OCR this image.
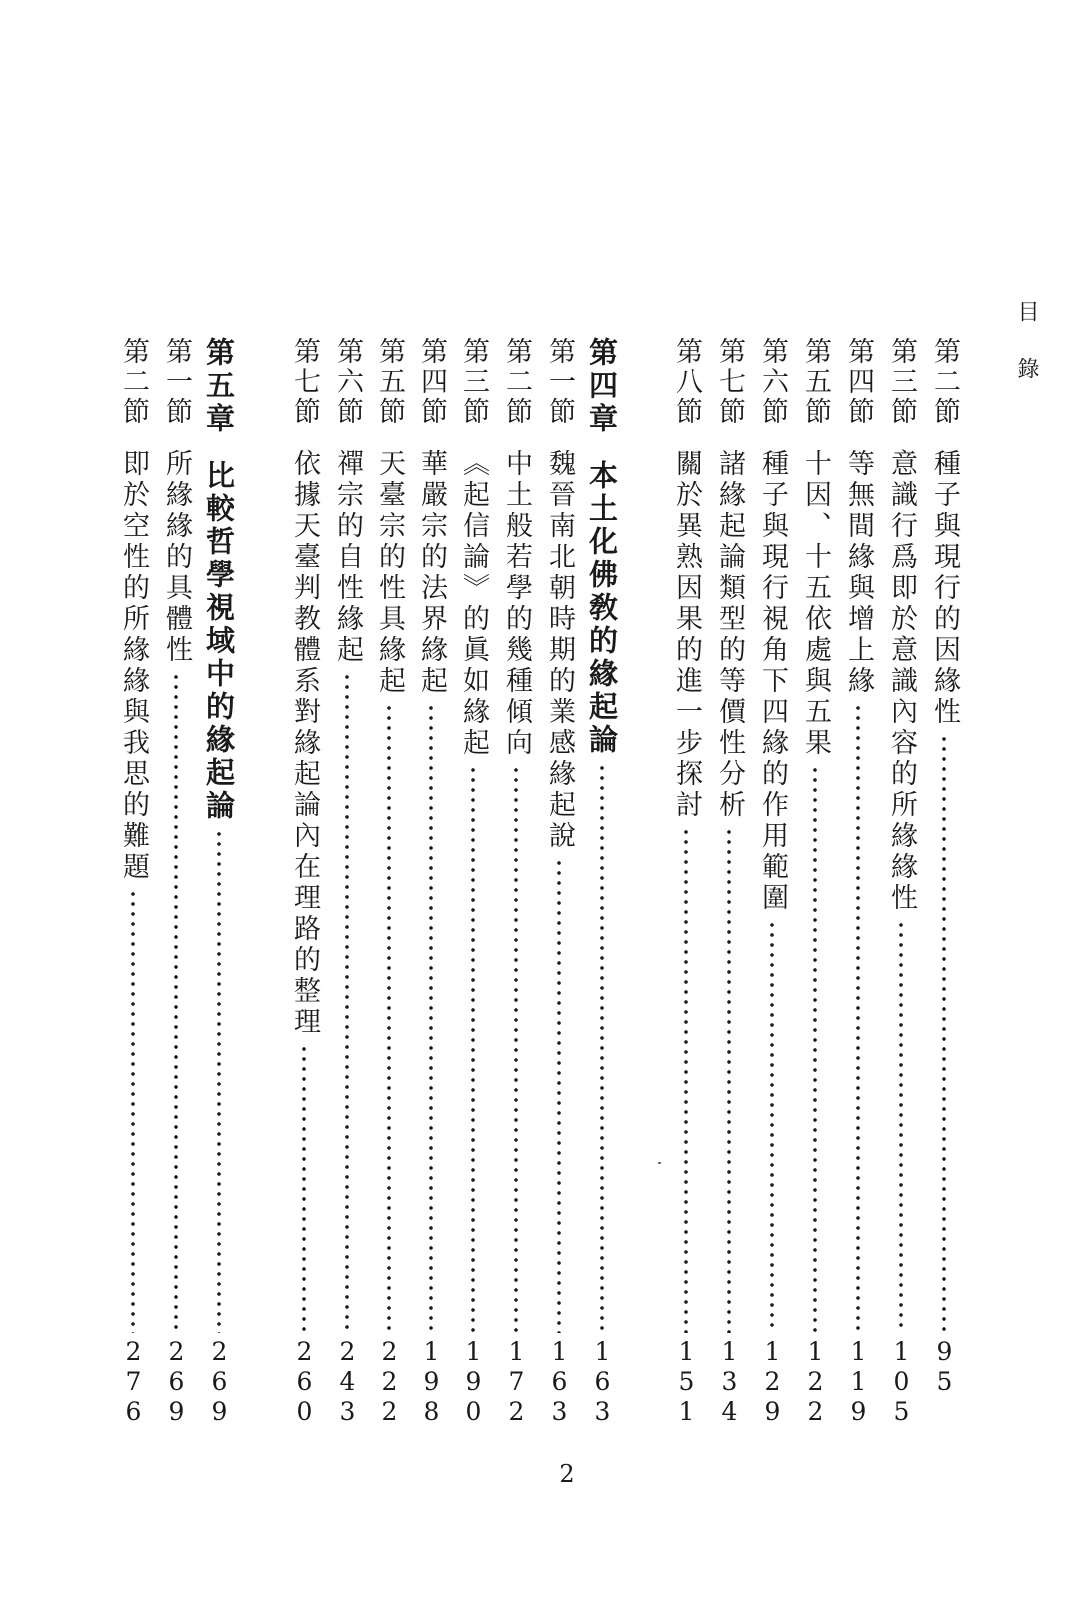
目 錄
第二節
種子與現行的因緣性
95
第三節
意識行爲即於意識內容的所緣緣性
105
第四節
等無間緣與增上緣
119
第五節
十因、十五依處與五果
122
第六節
種子與現行視角下四緣的作用範圍
129
第七節
諸緣起論類型的等價性分析
134
第八節
關於異熟因果的進一步探討
151
第四章
本土化佛敎的緣起論
163
第一節
魏晉南北朝時期的業感緣起說
163
第二節
中土般若學的幾種傾向
172
第三節
《起信論》的眞如緣起
190
第四節
華嚴宗的法界緣起
198
第五節
天臺宗的性具緣起
222
第六節
禪宗的自性緣起
243
第七節
依據天臺判教體系對緣起論內在理路的整理
260
第五章
比較哲學視域中的緣起論
269
第一節
所緣緣的具體性
269
第二節
即於空性的所緣緣與我思的難題
276
2
